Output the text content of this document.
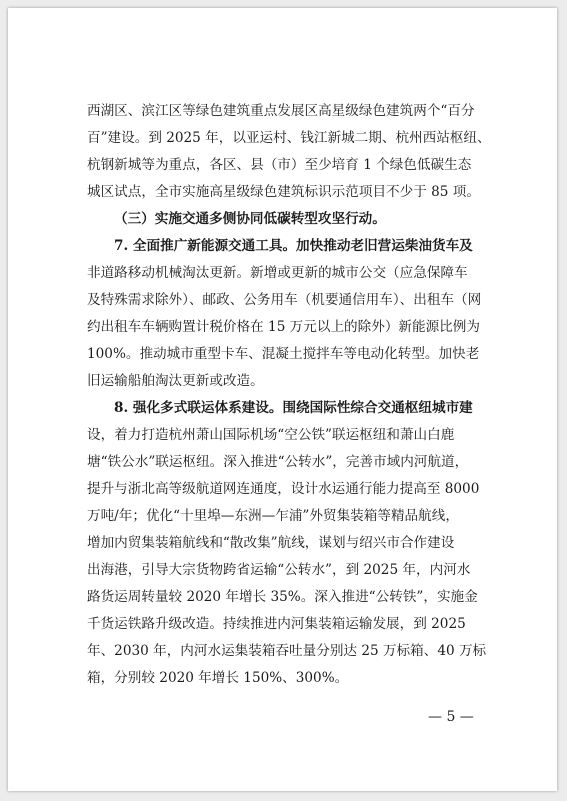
西湖区、滨江区等绿色建筑重点发展区高星级绿色建筑两个“百分
百”建设。到 2025 年，以亚运村、钱江新城二期、杭州西站枢纽、
杭钢新城等为重点，各区、县（市）至少培育 1 个绿色低碳生态
城区试点，全市实施高星级绿色建筑标识示范项目不少于 85 项。
（三）实施交通多侧协同低碳转型攻坚行动。
7. 全面推广新能源交通工具。加快推动老旧营运柴油货车及
非道路移动机械淘汰更新。新增或更新的城市公交（应急保障车
及特殊需求除外）、邮政、公务用车（机要通信用车）、出租车（网
约出租车车辆购置计税价格在 15 万元以上的除外）新能源比例为
100%。推动城市重型卡车、混凝土搅拌车等电动化转型。加快老
旧运输船舶淘汰更新或改造。
8. 强化多式联运体系建设。围绕国际性综合交通枢纽城市建
设，着力打造杭州萧山国际机场“空公铁”联运枢纽和萧山白鹿
塘“铁公水”联运枢纽。深入推进“公转水”，完善市域内河航道，
提升与浙北高等级航道网连通度，设计水运通行能力提高至 8000
万吨/年；优化“十里埠—东洲—乍浦”外贸集装箱等精品航线，
增加内贸集装箱航线和“散改集”航线，谋划与绍兴市合作建设
出海港，引导大宗货物跨省运输“公转水”，到 2025 年，内河水
路货运周转量较 2020 年增长 35%。深入推进“公转铁”，实施金
千货运铁路升级改造。持续推进内河集装箱运输发展，到 2025
年、2030 年，内河水运集装箱吞吐量分别达 25 万标箱、40 万标
箱，分别较 2020 年增长 150%、300%。
— 5 —
